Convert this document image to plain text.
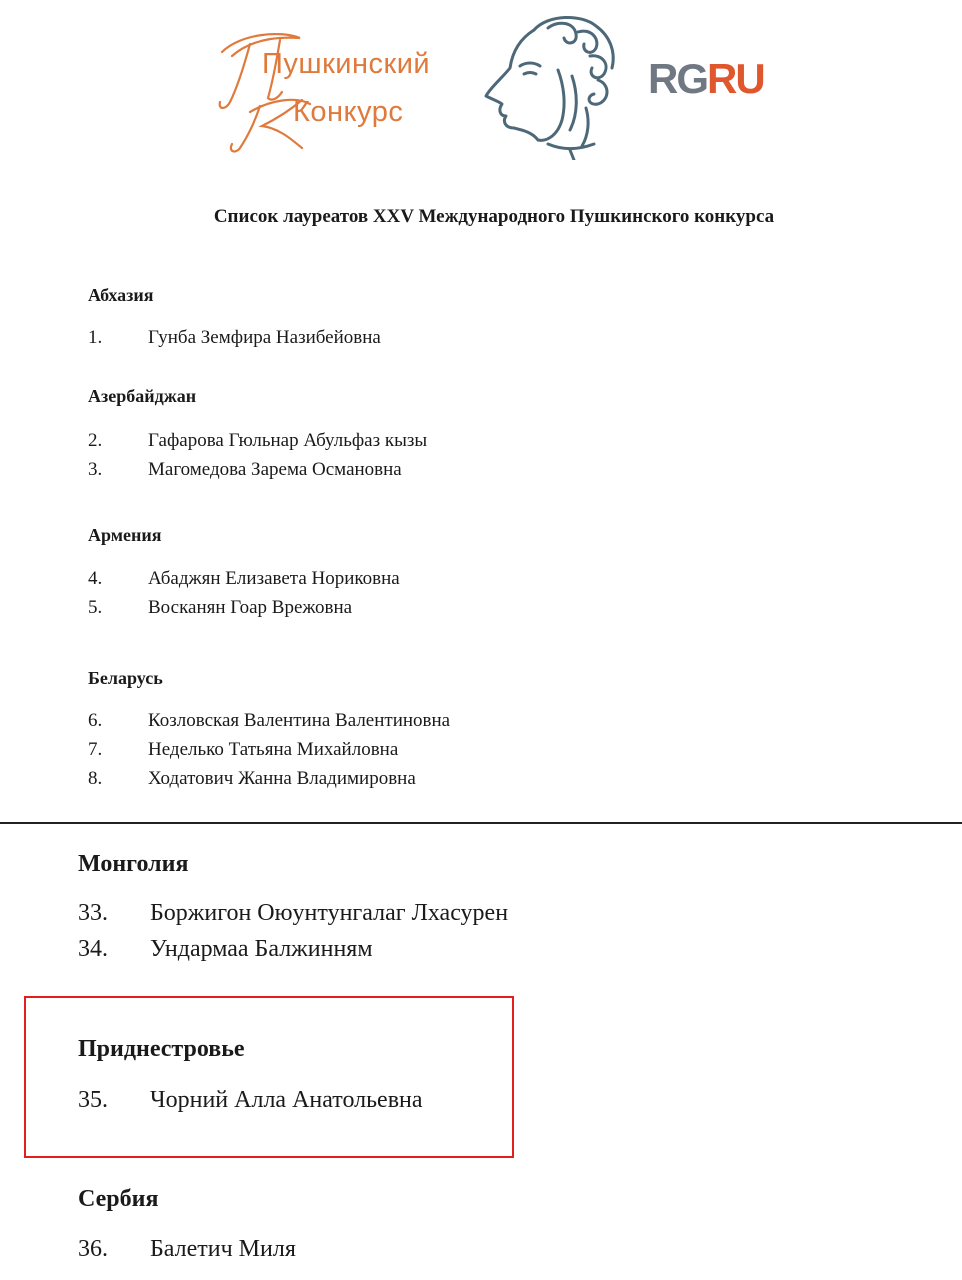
Пушкинский
Конкурс
RGRU
Список лауреатов XXV Международного Пушкинского конкурса
Абхазия
1. Гунба Земфира Назибейовна
Азербайджан
2. Гафарова Гюльнар Абульфаз кызы
3. Магомедова Зарема Османовна
Армения
4. Абаджян Елизавета Нориковна
5. Восканян Гоар Врежовна
Беларусь
6. Козловская Валентина Валентиновна
7. Неделько Татьяна Михайловна
8. Ходатович Жанна Владимировна
Монголия
33. Боржигон Оюунтунгалаг Лхасурен
34. Ундармаа Балжинням
Приднестровье
35. Чорний Алла Анатольевна
Сербия
36. Балетич Миля
